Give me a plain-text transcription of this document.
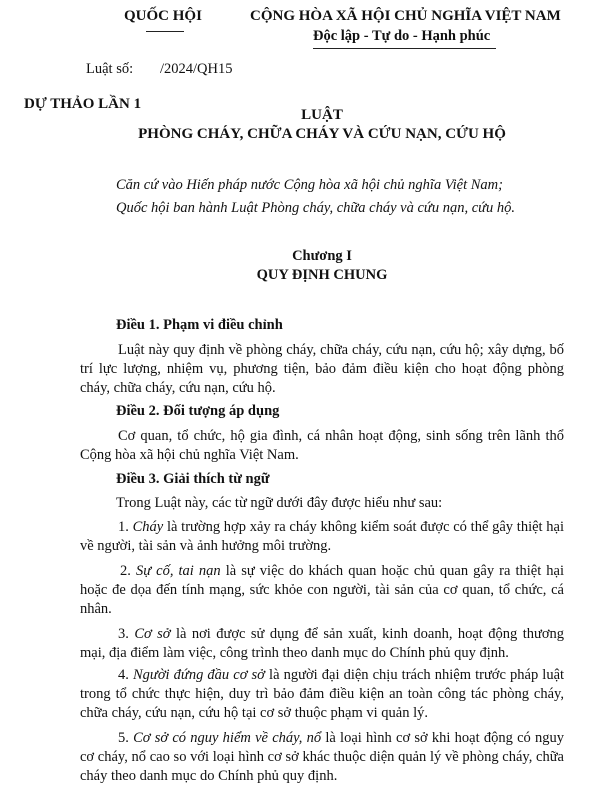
QUỐC HỘI	CỘNG HÒA XÃ HỘI CHỦ NGHĨA VIỆT NAM
Độc lập - Tự do - Hạnh phúc
Luật số: /2024/QH15
DỰ THẢO LẦN 1
LUẬT
PHÒNG CHÁY, CHỮA CHÁY VÀ CỨU NẠN, CỨU HỘ
Căn cứ vào Hiến pháp nước Cộng hòa xã hội chủ nghĩa Việt Nam;
Quốc hội ban hành Luật Phòng cháy, chữa cháy và cứu nạn, cứu hộ.
Chương I
QUY ĐỊNH CHUNG
Điều 1. Phạm vi điều chỉnh
Luật này quy định về phòng cháy, chữa cháy, cứu nạn, cứu hộ; xây dựng, bố trí lực lượng, nhiệm vụ, phương tiện, bảo đảm điều kiện cho hoạt động phòng cháy, chữa cháy, cứu nạn, cứu hộ.
Điều 2. Đối tượng áp dụng
Cơ quan, tổ chức, hộ gia đình, cá nhân hoạt động, sinh sống trên lãnh thổ Cộng hòa xã hội chủ nghĩa Việt Nam.
Điều 3. Giải thích từ ngữ
Trong Luật này, các từ ngữ dưới đây được hiểu như sau:
1. Cháy là trường hợp xảy ra cháy không kiểm soát được có thể gây thiệt hại về người, tài sản và ảnh hưởng môi trường.
2. Sự cố, tai nạn là sự việc do khách quan hoặc chủ quan gây ra thiệt hại hoặc đe dọa đến tính mạng, sức khỏe con người, tài sản của cơ quan, tổ chức, cá nhân.
3. Cơ sở là nơi được sử dụng để sản xuất, kinh doanh, hoạt động thương mại, địa điểm làm việc, công trình theo danh mục do Chính phủ quy định.
4. Người đứng đầu cơ sở là người đại diện chịu trách nhiệm trước pháp luật trong tổ chức thực hiện, duy trì bảo đảm điều kiện an toàn công tác phòng cháy, chữa cháy, cứu nạn, cứu hộ tại cơ sở thuộc phạm vi quản lý.
5. Cơ sở có nguy hiểm về cháy, nổ là loại hình cơ sở khi hoạt động có nguy cơ cháy, nổ cao so với loại hình cơ sở khác thuộc diện quản lý về phòng cháy, chữa cháy theo danh mục do Chính phủ quy định.
